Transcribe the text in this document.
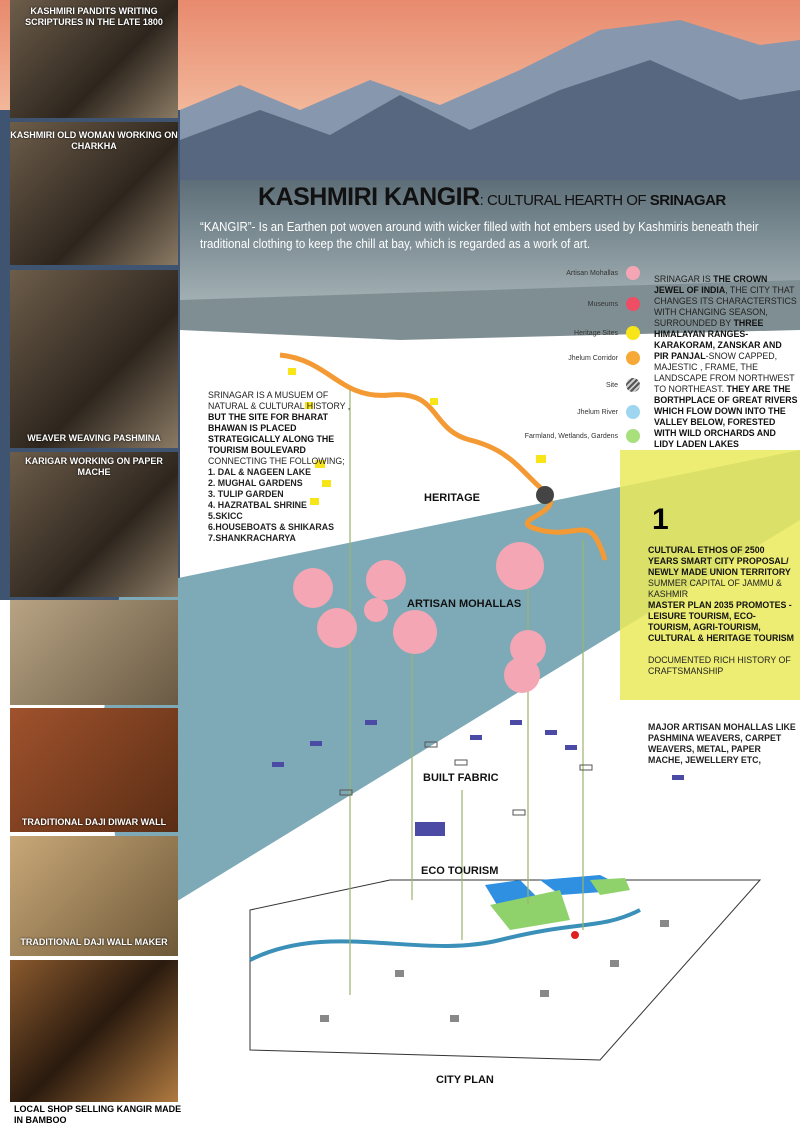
KASHMIRI PANDITS WRITING SCRIPTURES IN THE LATE 1800
KASHMIRI OLD WOMAN WORKING ON CHARKHA
WEAVER WEAVING PASHMINA
KARIGAR WORKING ON PAPER MACHE
TRADITIONAL DAJI DIWAR WALL
TRADITIONAL DAJI WALL MAKER
LOCAL SHOP SELLING KANGIR MADE IN BAMBOO
KASHMIRI KANGIR: CULTURAL HEARTH OF SRINAGAR
“KANGIR”- Is an Earthen pot woven around with wicker filled with hot embers used by Kashmiris beneath their traditional clothing to keep the chill at bay, which is regarded as a work of art.
Artisan Mohallas
Museums
Heritage Sites
Jhelum Corridor
Site
Jhelum River
Farmland, Wetlands, Gardens
SRINAGAR IS THE CROWN JEWEL OF INDIA, THE CITY THAT CHANGES ITS CHARACTERSTICS WITH CHANGING SEASON, SURROUNDED BY THREE HIMALAYAN RANGES-KARAKORAM, ZANSKAR AND PIR PANJAL-SNOW CAPPED, MAJESTIC , FRAME, THE LANDSCAPE FROM NORTHWEST TO NORTHEAST. THEY ARE THE BORTHPLACE OF GREAT RIVERS WHICH FLOW DOWN INTO THE VALLEY BELOW, FORESTED WITH WILD ORCHARDS AND LIDY LADEN LAKES
1
SRINAGAR IS A MUSUEM OF NATURAL & CULTURAL HISTORY ,
BUT THE SITE FOR BHARAT BHAWAN IS PLACED STRATEGICALLY ALONG THE TOURISM BOULEVARD
CONNECTING THE FOLLOWING;
1. DAL & NAGEEN LAKE
2. MUGHAL GARDENS
3. TULIP GARDEN
4. HAZRATBAL SHRINE
5.SKICC
6.HOUSEBOATS & SHIKARAS
7.SHANKRACHARYA
CULTURAL ETHOS OF 2500 YEARS SMART CITY PROPOSAL/ NEWLY MADE UNION TERRITORY
SUMMER CAPITAL OF JAMMU & KASHMIR
MASTER PLAN 2035 PROMOTES - LEISURE TOURISM, ECO- TOURISM, AGRI-TOURISM, CULTURAL & HERITAGE TOURISM

DOCUMENTED RICH HISTORY OF CRAFTSMANSHIP
MAJOR ARTISAN MOHALLAS LIKE PASHMINA WEAVERS, CARPET WEAVERS, METAL, PAPER MACHE, JEWELLERY ETC,
HERITAGE
ARTISAN MOHALLAS
BUILT FABRIC
ECO TOURISM
CITY PLAN
